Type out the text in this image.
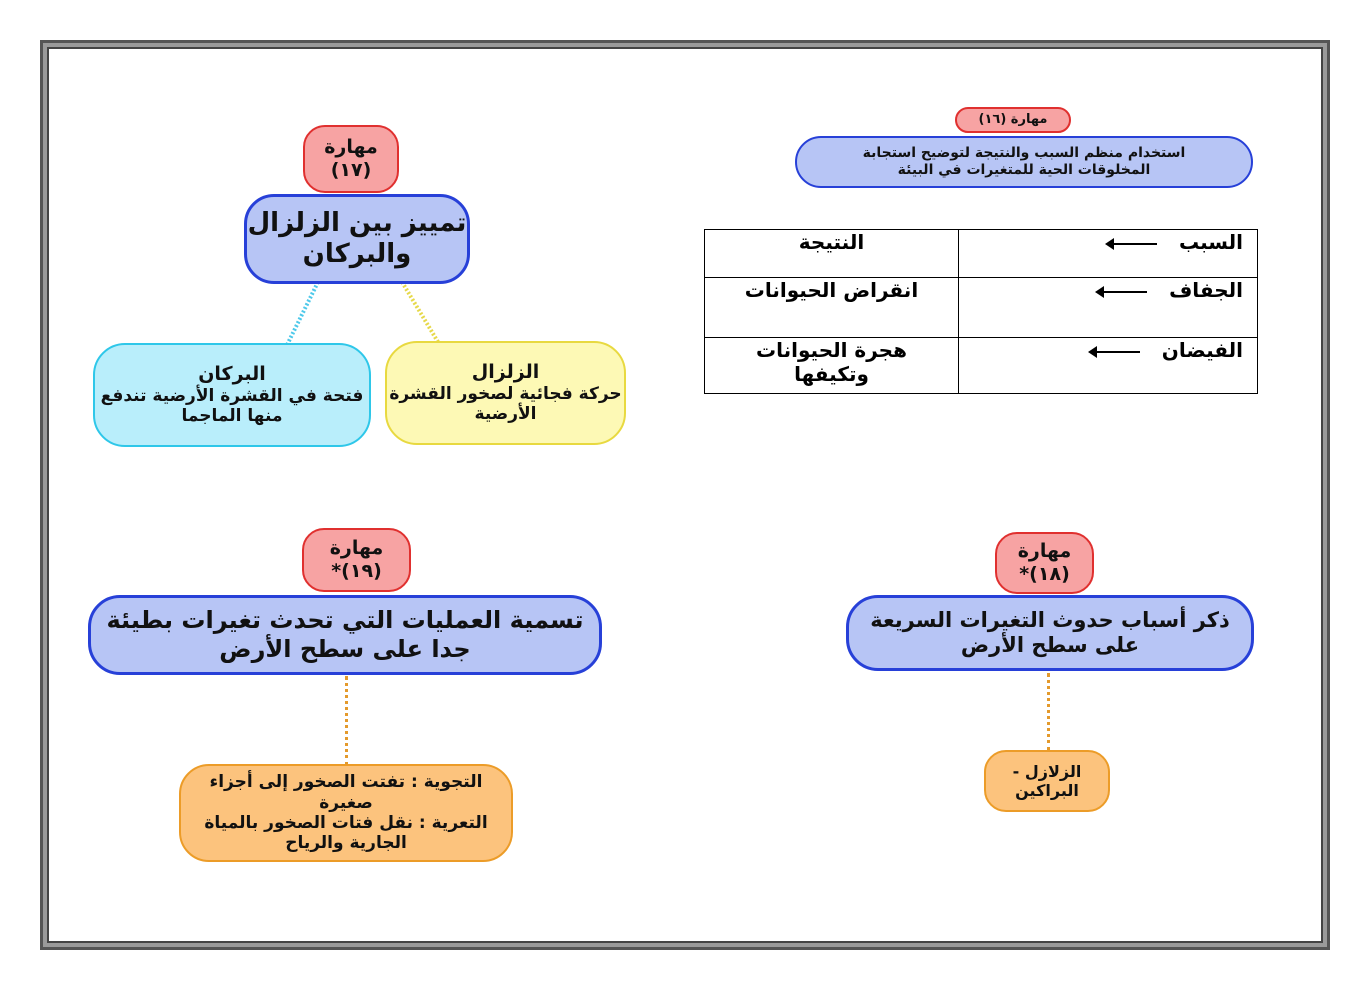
مهارة (١٦)
استخدام منظم السبب والنتيجة لتوضيح استجابة
المخلوقات الحية للمتغيرات في البيئة
السبب	النتيجة

الجفاف	انقراض الحيوانات

الفيضان	هجرة الحيوانات وتكيفها
مهارة (١٧)
تمييز بين الزلزال والبركان
البركان
فتحة في القشرة الأرضية تندفع منها الماجما
الزلزال
حركة فجائية لصخور القشرة الأرضية
مهارة (١٩)*
تسمية العمليات التي تحدث تغيرات بطيئة جدا على سطح الأرض
التجوية : تفتت الصخور إلى أجزاء صغيرة
التعرية : نقل فتات الصخور بالمياة الجارية والرياح
مهارة (١٨)*
ذكر أسباب حدوث التغيرات السريعة على سطح الأرض
الزلازل - البراكين
